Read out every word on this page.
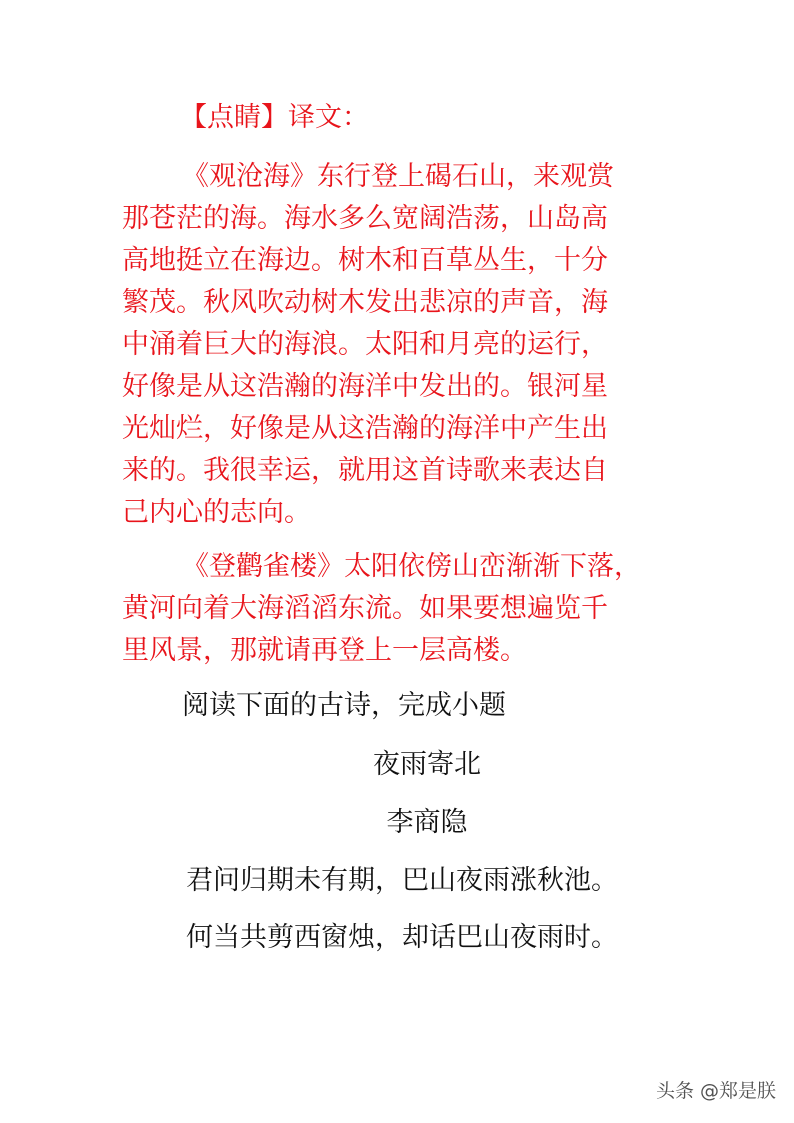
【点睛】译文：

《观沧海》东行登上碣石山，来观赏
那苍茫的海。海水多么宽阔浩荡，山岛高
高地挺立在海边。树木和百草丛生，十分
繁茂。秋风吹动树木发出悲凉的声音，海
中涌着巨大的海浪。太阳和月亮的运行，
好像是从这浩瀚的海洋中发出的。银河星
光灿烂，好像是从这浩瀚的海洋中产生出
来的。我很幸运，就用这首诗歌来表达自
己内心的志向。

《登鹳雀楼》太阳依傍山峦渐渐下落，
黄河向着大海滔滔东流。如果要想遍览千
里风景，那就请再登上一层高楼。

阅读下面的古诗，完成小题
夜雨寄北
李商隐
君问归期未有期，巴山夜雨涨秋池。
何当共剪西窗烛，却话巴山夜雨时。
头条 @郑是朕
